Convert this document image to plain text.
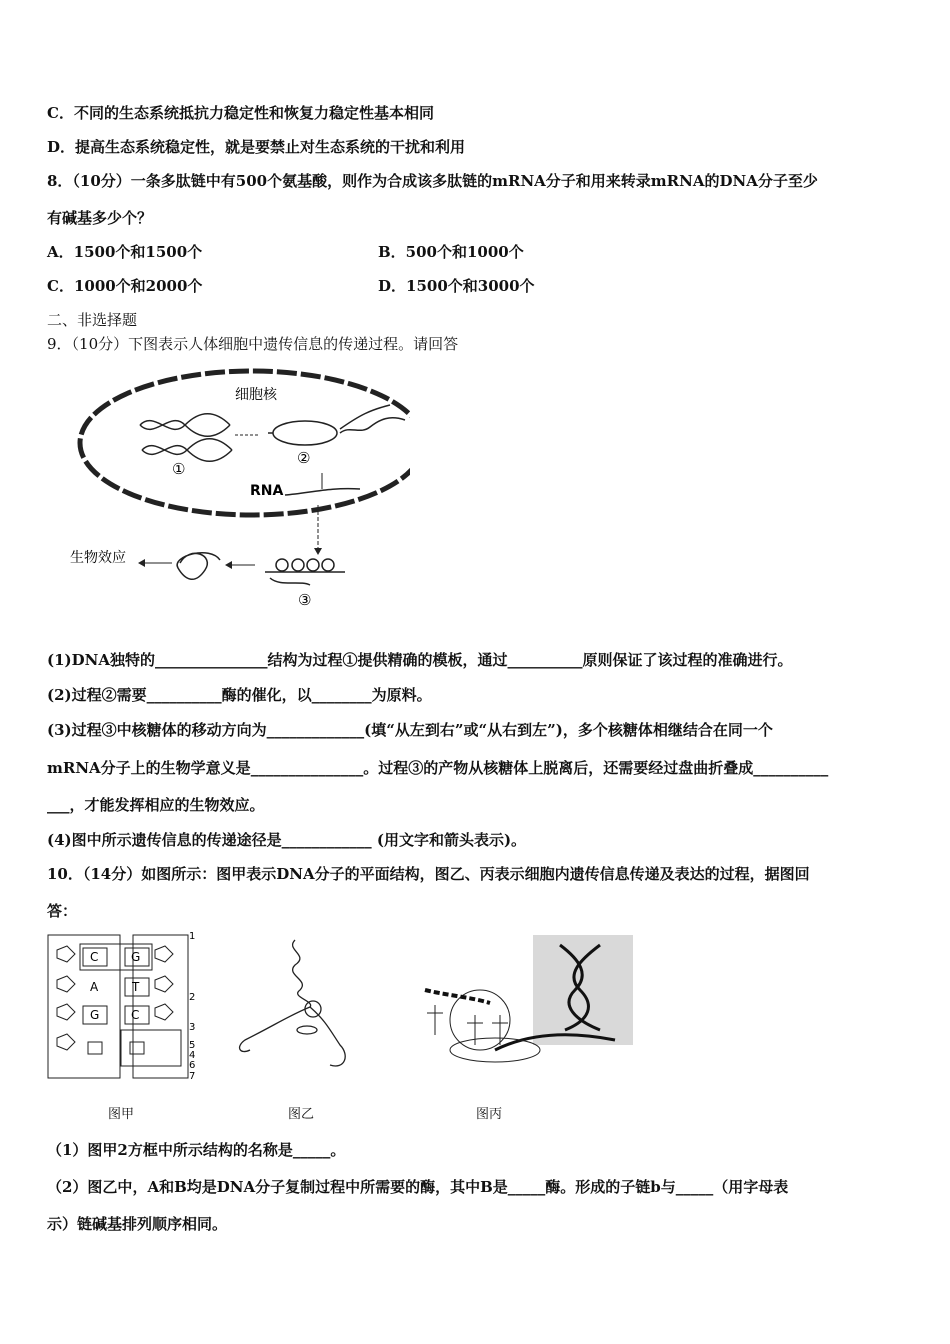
C．不同的生态系统抵抗力稳定性和恢复力稳定性基本相同
D．提高生态系统稳定性，就是要禁止对生态系统的干扰和利用
8．（10分）一条多肽链中有500个氨基酸，则作为合成该多肽链的mRNA分子和用来转录mRNA的DNA分子至少
有碱基多少个？
A．1500个和1500个	B．500个和1000个
C．1000个和2000个	D．1500个和3000个
二、非选择题
9．（10分）下图表示人体细胞中遗传信息的传递过程。请回答
细胞核
①
②
RNA
③
生物效应
(1)DNA独特的_______________结构为过程①提供精确的模板，通过__________原则保证了该过程的准确进行。
(2)过程②需要__________酶的催化，以________为原料。
(3)过程③中核糖体的移动方向为_____________(填“从左到右”或“从右到左”)，多个核糖体相继结合在同一个
mRNA分子上的生物学意义是_______________。过程③的产物从核糖体上脱离后，还需要经过盘曲折叠成__________
___，才能发挥相应的生物效应。
(4)图中所示遗传信息的传递途径是____________ (用文字和箭头表示)。
10．（14分）如图所示：图甲表示DNA分子的平面结构，图乙、丙表示细胞内遗传信息传递及表达的过程，据图回
答：
C	G
A	T
G	C
1
2
3
5
4
6
7
图甲	图乙	图丙
（1）图甲2方框中所示结构的名称是_____。
（2）图乙中，A和B均是DNA分子复制过程中所需要的酶，其中B是_____酶。形成的子链b与_____（用字母表
示）链碱基排列顺序相同。
